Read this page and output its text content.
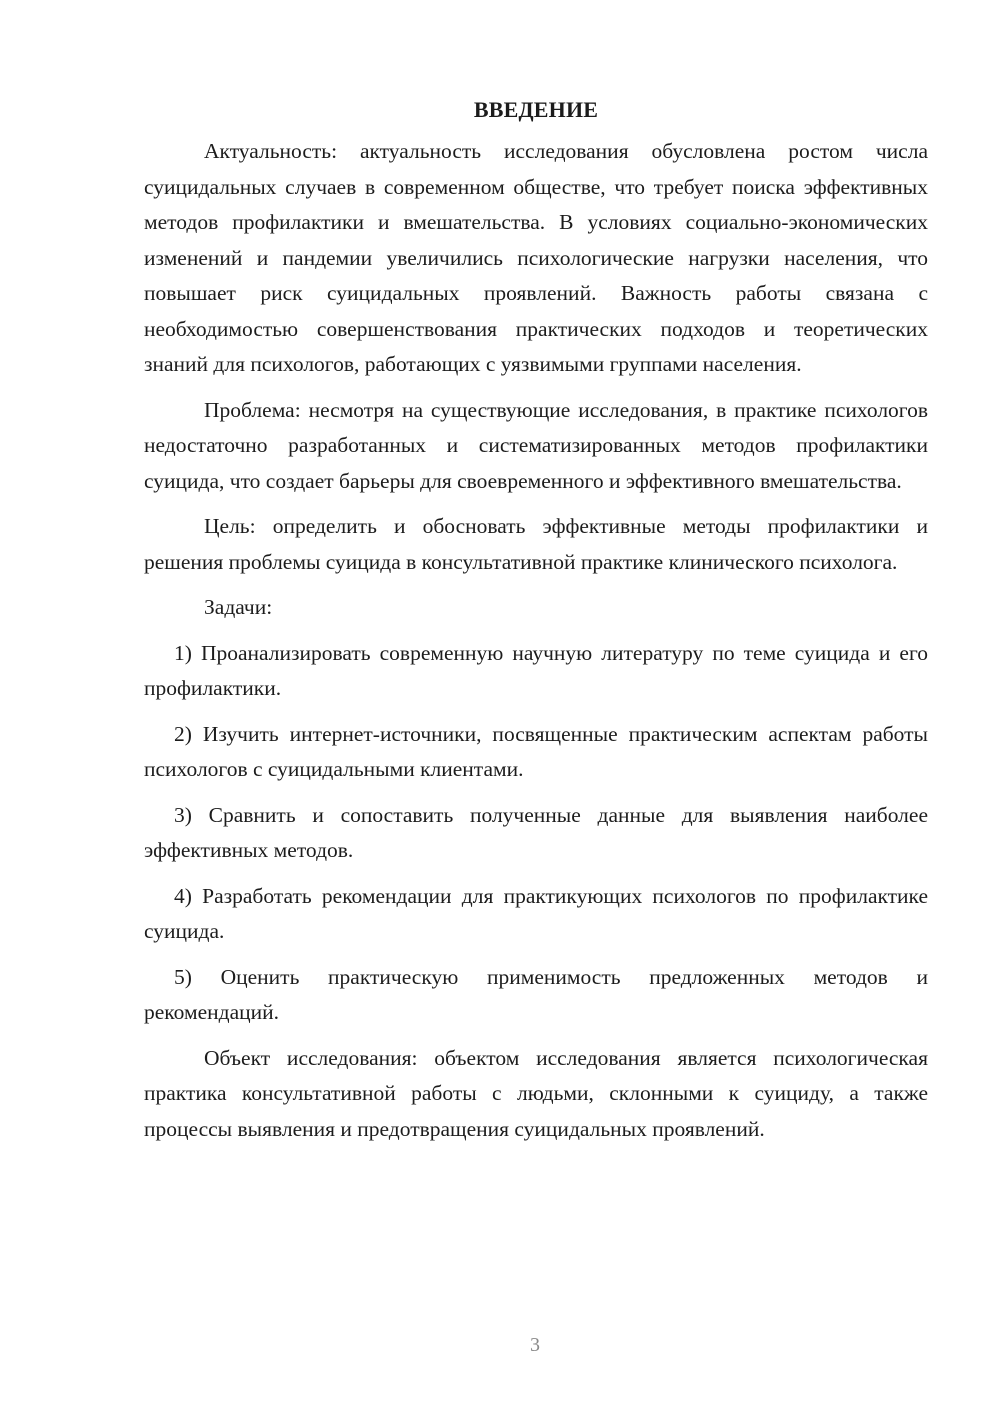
ВВЕДЕНИЕ

Актуальность: актуальность исследования обусловлена ростом числа суицидальных случаев в современном обществе, что требует поиска эффективных методов профилактики и вмешательства. В условиях социально-экономических изменений и пандемии увеличились психологические нагрузки населения, что повышает риск суицидальных проявлений. Важность работы связана с необходимостью совершенствования практических подходов и теоретических знаний для психологов, работающих с уязвимыми группами населения.

Проблема: несмотря на существующие исследования, в практике психологов недостаточно разработанных и систематизированных методов профилактики суицида, что создает барьеры для своевременного и эффективного вмешательства.

Цель: определить и обосновать эффективные методы профилактики и решения проблемы суицида в консультативной практике клинического психолога.

Задачи:

1) Проанализировать современную научную литературу по теме суицида и его профилактики.

2) Изучить интернет-источники, посвященные практическим аспектам работы психологов с суицидальными клиентами.

3) Сравнить и сопоставить полученные данные для выявления наиболее эффективных методов.

4) Разработать рекомендации для практикующих психологов по профилактике суицида.

5) Оценить практическую применимость предложенных методов и рекомендаций.

Объект исследования: объектом исследования является психологическая практика консультативной работы с людьми, склонными к суициду, а также процессы выявления и предотвращения суицидальных проявлений.

3
